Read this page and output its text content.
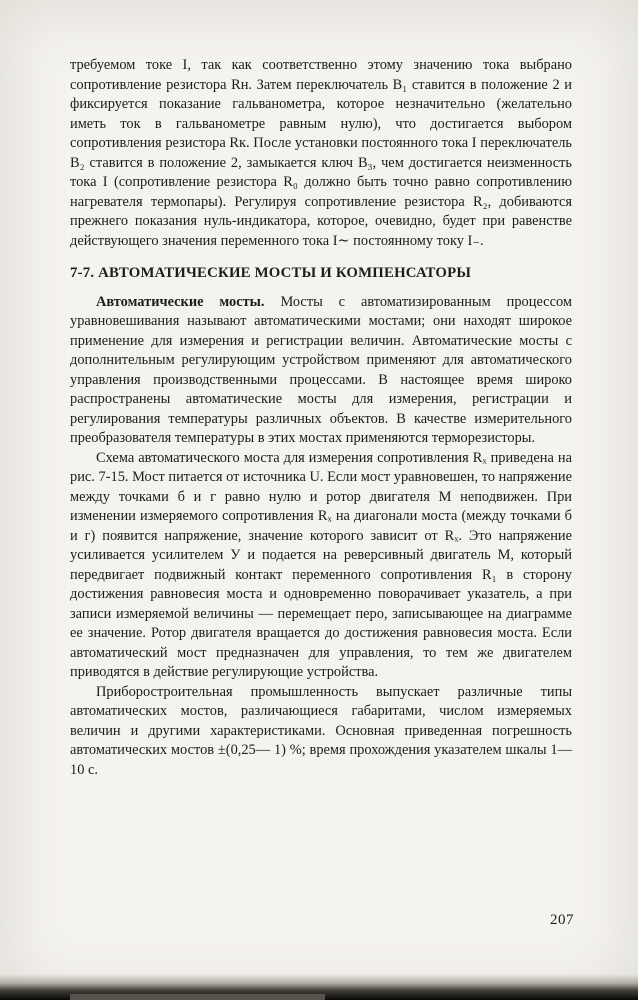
требуемом токе I, так как соответственно этому значению тока выбрано сопротивление резистора Rн. Затем переключатель B₁ ставится в положение 2 и фиксируется показание гальванометра, которое незначительно (желательно иметь ток в гальванометре равным нулю), что достигается выбором сопротивления резистора Rк. После установки постоянного тока I переключатель B₂ ставится в положение 2, замыкается ключ B₃, чем достигается неизменность тока I (сопротивление резистора R₀ должно быть точно равно сопротивлению нагревателя термопары). Регулируя сопротивление резистора R₂, добиваются прежнего показания нуль-индикатора, которое, очевидно, будет при равенстве действующего значения переменного тока I∼ постоянному току I₋.

7-7. АВТОМАТИЧЕСКИЕ МОСТЫ И КОМПЕНСАТОРЫ

Автоматические мосты. Мосты с автоматизированным процессом уравновешивания называют автоматическими мостами; они находят широкое применение для измерения и регистрации величин. Автоматические мосты с дополнительным регулирующим устройством применяют для автоматического управления производственными процессами. В настоящее время широко распространены автоматические мосты для измерения, регистрации и регулирования температуры различных объектов. В качестве измерительного преобразователя температуры в этих мостах применяются терморезисторы.

Схема автоматического моста для измерения сопротивления Rₓ приведена на рис. 7-15. Мост питается от источника U. Если мост уравновешен, то напряжение между точками б и г равно нулю и ротор двигателя М неподвижен. При изменении измеряемого сопротивления Rₓ на диагонали моста (между точками б и г) появится напряжение, значение которого зависит от Rₓ. Это напряжение усиливается усилителем У и подается на реверсивный двигатель М, который передвигает подвижный контакт переменного сопротивления R₁ в сторону достижения равновесия моста и одновременно поворачивает указатель, а при записи измеряемой величины — перемещает перо, записывающее на диаграмме ее значение. Ротор двигателя вращается до достижения равновесия моста. Если автоматический мост предназначен для управления, то тем же двигателем приводятся в действие регулирующие устройства.

Приборостроительная промышленность выпускает различные типы автоматических мостов, различающиеся габаритами, числом измеряемых величин и другими характеристиками. Основная приведенная погрешность автоматических мостов ±(0,25— 1) %; время прохождения указателем шкалы 1—10 с.

207
